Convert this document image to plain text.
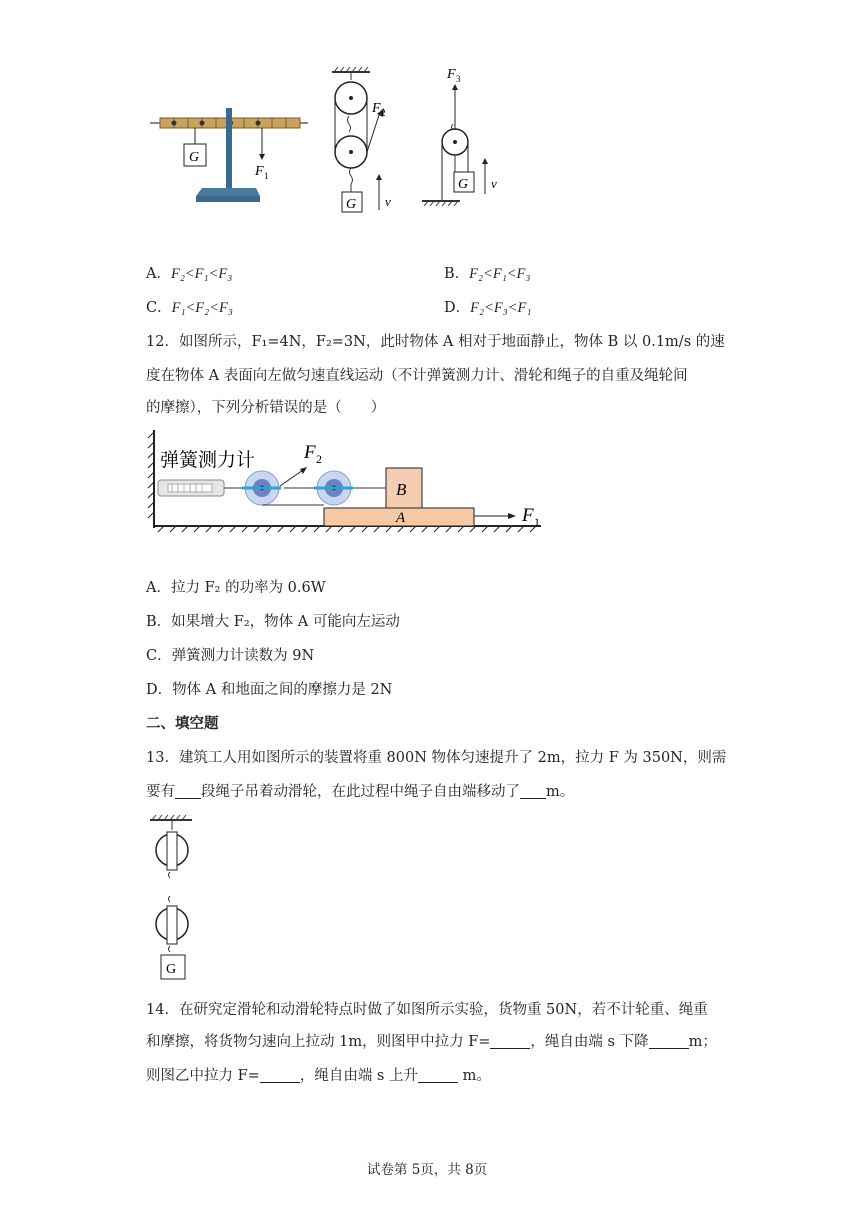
G
F 1
F 2
G v
F 3
G v
A．F₂<F₁<F₃	B．F₂<F₁<F₃
C．F₁<F₂<F₃	D．F₂<F₃<F₁
12．如图所示，F₁=4N，F₂=3N，此时物体 A 相对于地面静止，物体 B 以 0.1m/s 的速
度在物体 A 表面向左做匀速直线运动（不计弹簧测力计、滑轮和绳子的自重及绳轮间
的摩擦），下列分析错误的是（　　）
弹簧测力计	F 2
B
A	F 1
A．拉力 F₂ 的功率为 0.6W
B．如果增大 F₂，物体 A 可能向左运动
C．弹簧测力计读数为 9N
D．物体 A 和地面之间的摩擦力是 2N
二、填空题
13．建筑工人用如图所示的装置将重 800N 物体匀速提升了 2m，拉力 F 为 350N，则需
要有 段绳子吊着动滑轮，在此过程中绳子自由端移动了 m。
G
14．在研究定滑轮和动滑轮特点时做了如图所示实验，货物重 50N，若不计轮重、绳重
和摩擦，将货物匀速向上拉动 1m，则图甲中拉力 F=	，绳自由端 s 下降	m；
则图乙中拉力 F=	，绳自由端 s 上升	m。
试卷第 5页，共 8页
